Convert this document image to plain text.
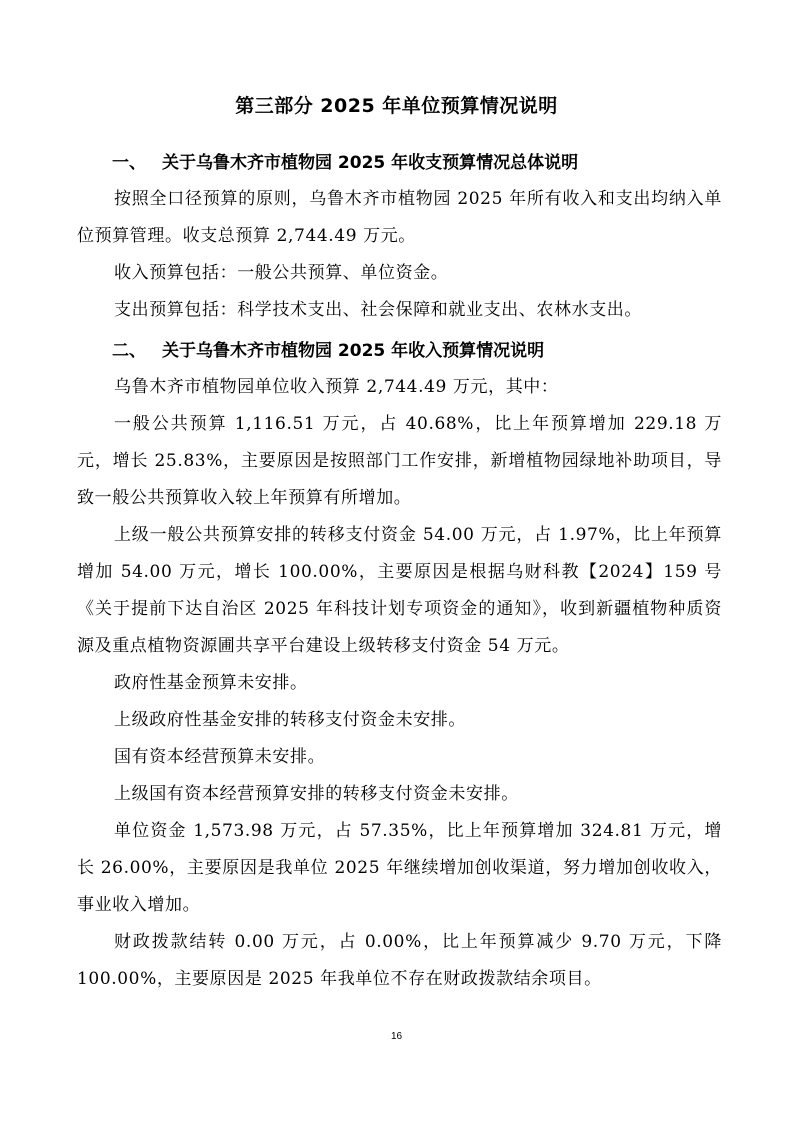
第三部分 2025 年单位预算情况说明
一、 关于乌鲁木齐市植物园 2025 年收支预算情况总体说明
按照全口径预算的原则，乌鲁木齐市植物园 2025 年所有收入和支出均纳入单位预算管理。收支总预算 2,744.49 万元。
收入预算包括：一般公共预算、单位资金。
支出预算包括：科学技术支出、社会保障和就业支出、农林水支出。
二、 关于乌鲁木齐市植物园 2025 年收入预算情况说明
乌鲁木齐市植物园单位收入预算 2,744.49 万元，其中：
一般公共预算 1,116.51 万元，占 40.68%，比上年预算增加 229.18 万元，增长 25.83%，主要原因是按照部门工作安排，新增植物园绿地补助项目，导致一般公共预算收入较上年预算有所增加。
上级一般公共预算安排的转移支付资金 54.00 万元，占 1.97%，比上年预算增加 54.00 万元，增长 100.00%，主要原因是根据乌财科教【2024】159 号《关于提前下达自治区 2025 年科技计划专项资金的通知》，收到新疆植物种质资源及重点植物资源圃共享平台建设上级转移支付资金 54 万元。
政府性基金预算未安排。
上级政府性基金安排的转移支付资金未安排。
国有资本经营预算未安排。
上级国有资本经营预算安排的转移支付资金未安排。
单位资金 1,573.98 万元，占 57.35%，比上年预算增加 324.81 万元，增长 26.00%，主要原因是我单位 2025 年继续增加创收渠道，努力增加创收收入，事业收入增加。
财政拨款结转 0.00 万元，占 0.00%，比上年预算减少 9.70 万元，下降 100.00%，主要原因是 2025 年我单位不存在财政拨款结余项目。
16
